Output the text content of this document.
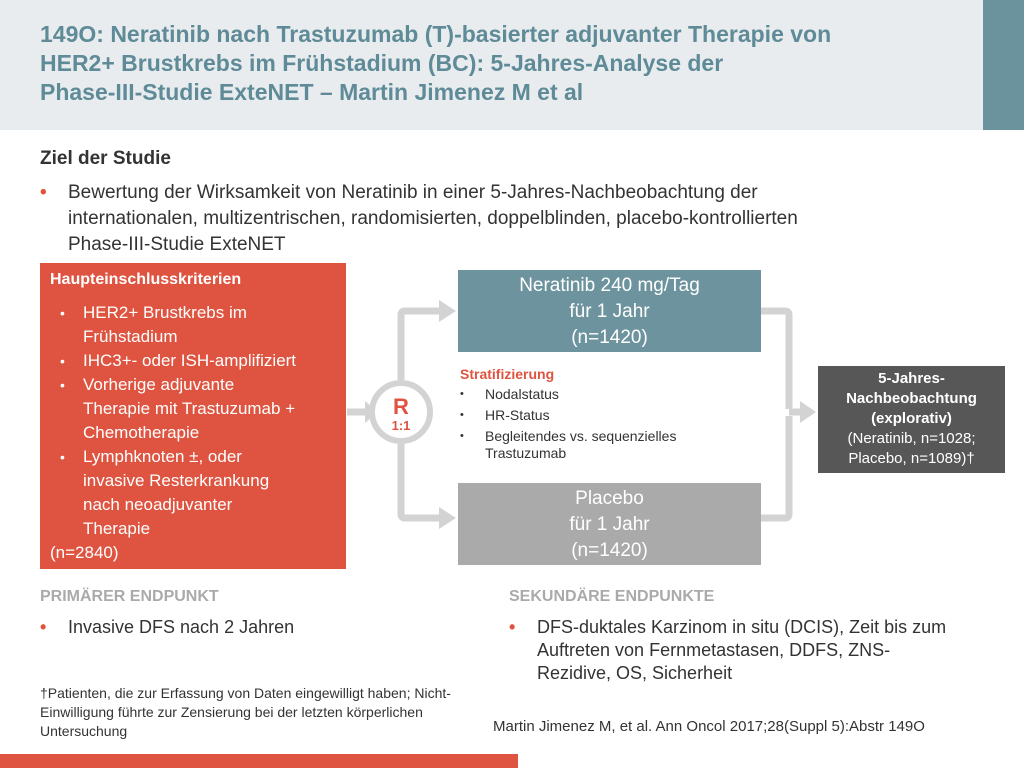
149O: Neratinib nach Trastuzumab (T)-basierter adjuvanter Therapie von
HER2+ Brustkrebs im Frühstadium (BC): 5-Jahres-Analyse der
Phase-III-Studie ExteNET – Martin Jimenez M et al
Ziel der Studie
•	Bewertung der Wirksamkeit von Neratinib in einer 5-Jahres-Nachbeobachtung der
internationalen, multizentrischen, randomisierten, doppelblinden, placebo-kontrollierten
Phase-III-Studie ExteNET
Haupteinschlusskriterien
•	HER2+ Brustkrebs im
Frühstadium
•	IHC3+- oder ISH-amplifiziert
•	Vorherige adjuvante
Therapie mit Trastuzumab +
Chemotherapie
•	Lymphknoten ±, oder
invasive Resterkrankung
nach neoadjuvanter
Therapie
(n=2840)
R
1:1
Neratinib 240 mg/Tag
für 1 Jahr
(n=1420)
Stratifizierung
•	Nodalstatus
•	HR-Status
•	Begleitendes vs. sequenzielles
Trastuzumab
Placebo
für 1 Jahr
(n=1420)
5-Jahres-
Nachbeobachtung
(explorativ)
(Neratinib, n=1028;
Placebo, n=1089)†
PRIMÄRER ENDPUNKT
•	Invasive DFS nach 2 Jahren
SEKUNDÄRE ENDPUNKTE
•	DFS-duktales Karzinom in situ (DCIS), Zeit bis zum
Auftreten von Fernmetastasen, DDFS, ZNS-
Rezidive, OS, Sicherheit
†Patienten, die zur Erfassung von Daten eingewilligt haben; Nicht-
Einwilligung führte zur Zensierung bei der letzten körperlichen
Untersuchung	Martin Jimenez M, et al. Ann Oncol 2017;28(Suppl 5):Abstr 149O
